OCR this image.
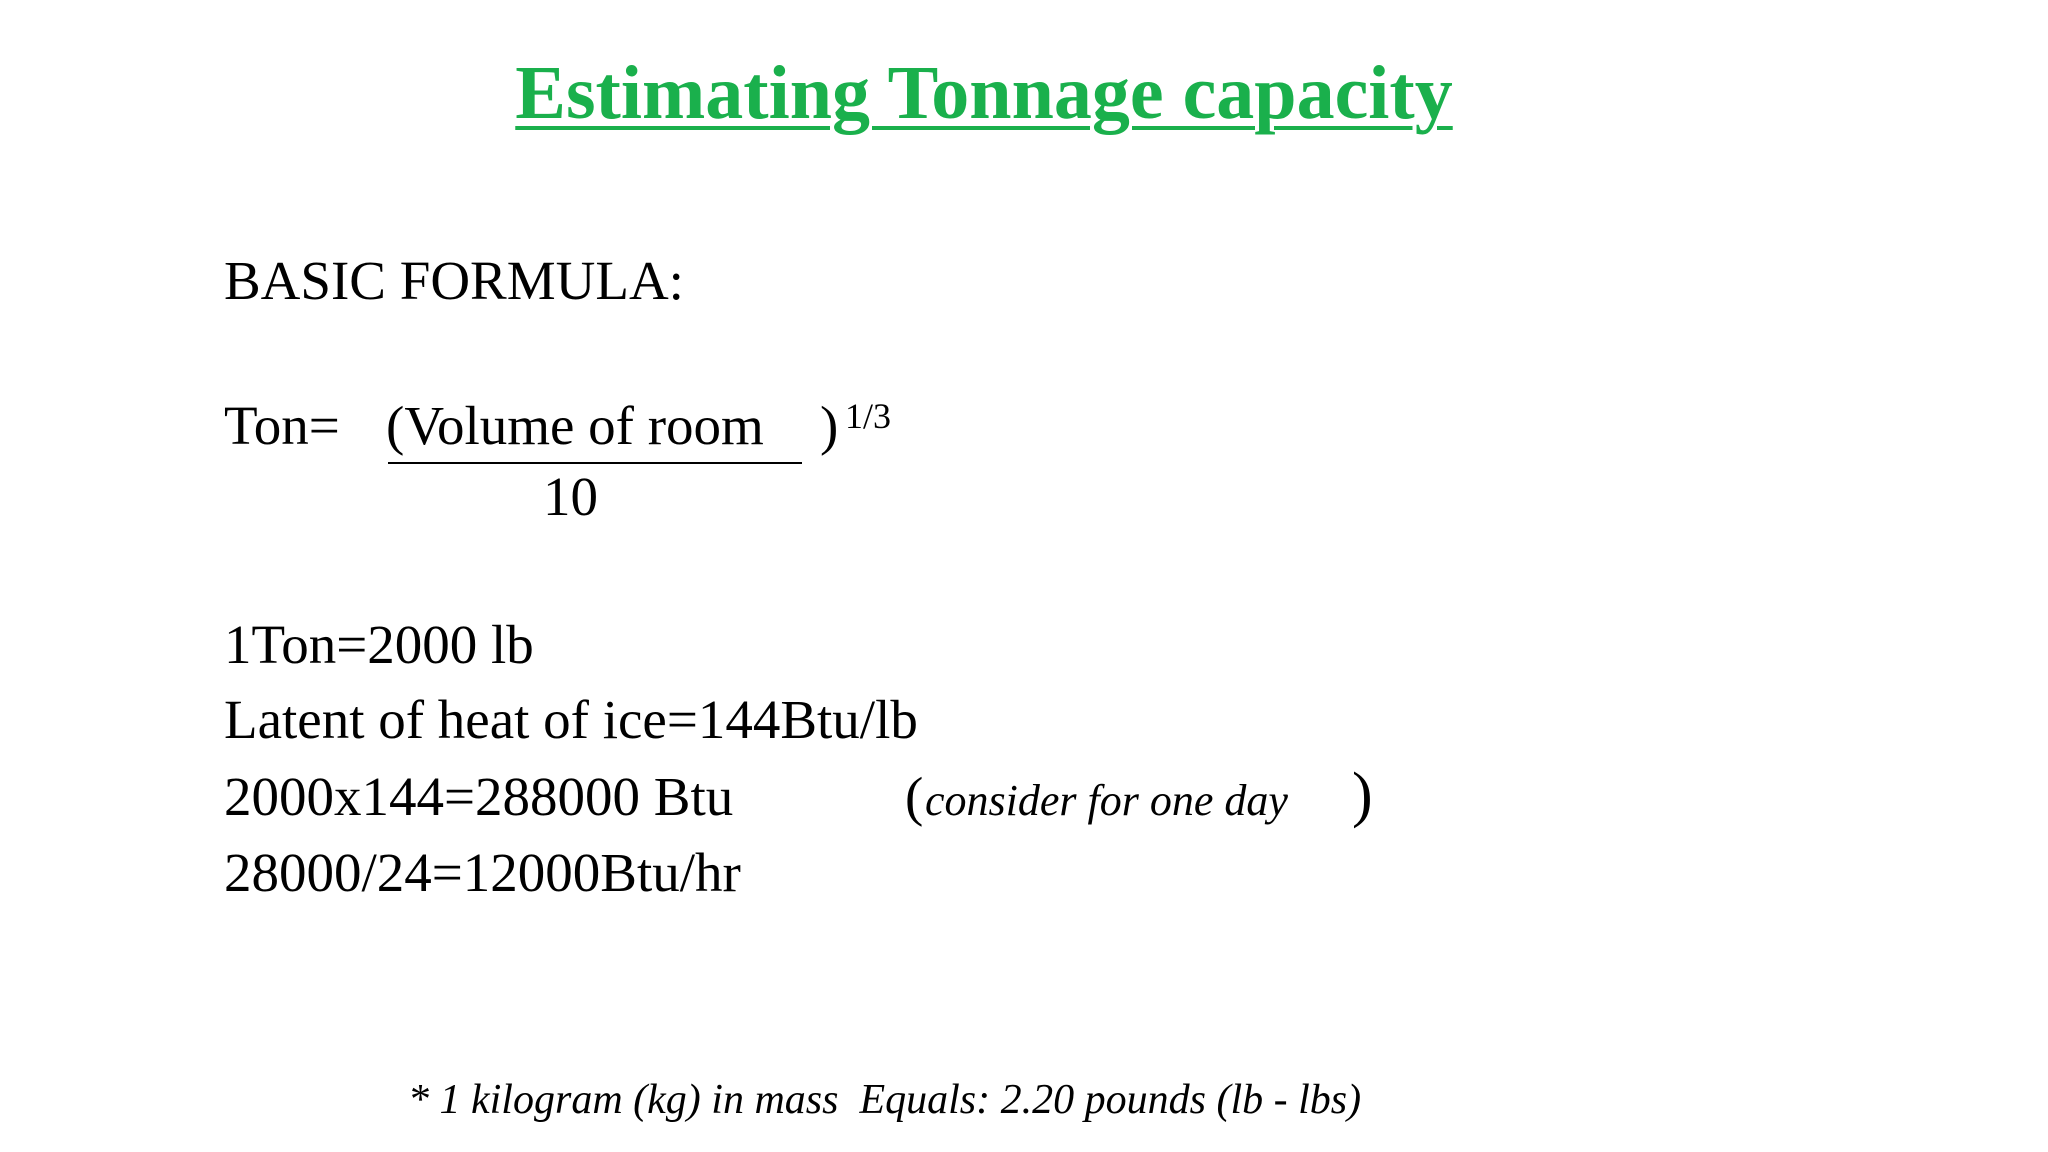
Estimating Tonnage capacity
BASIC FORMULA:
Ton= (Volume of room
10
) 1/3
1Ton=2000 lb
Latent of heat of ice=144Btu/lb
2000x144=288000 Btu	( consider for one day )
28000/24=12000Btu/hr
* 1 kilogram (kg) in mass  Equals: 2.20 pounds (lb - lbs)
